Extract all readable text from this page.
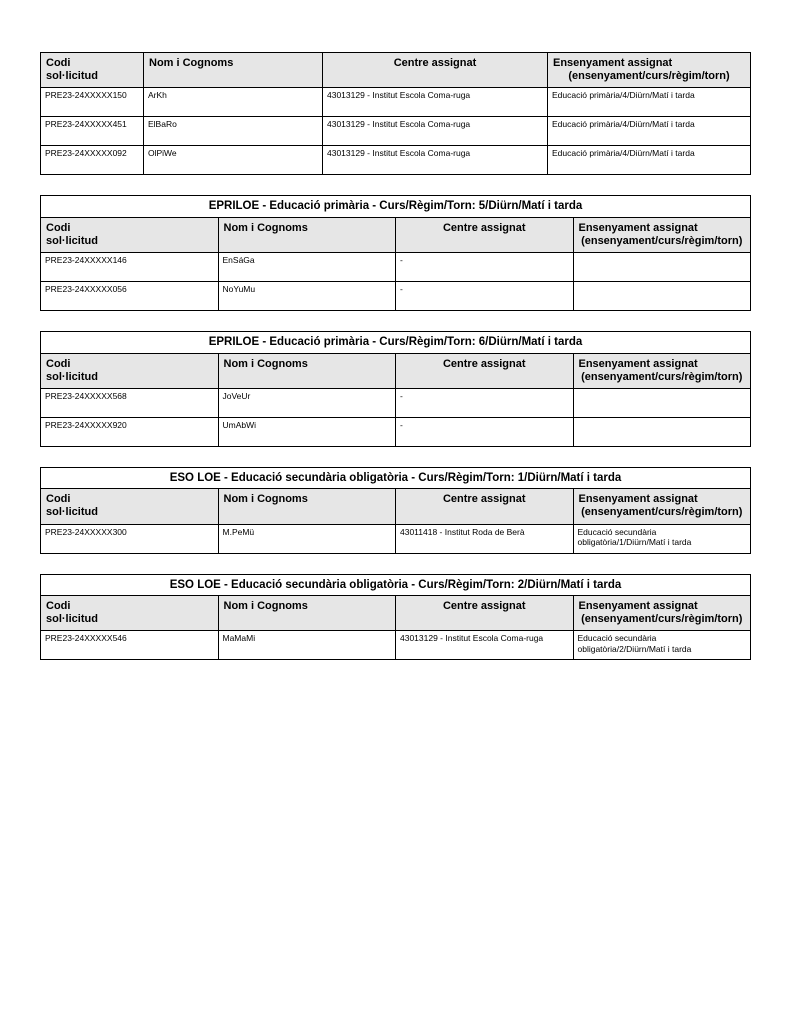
Codi
sol·licitud	Nom i Cognoms	Centre assignat	Ensenyament assignat
(ensenyament/curs/règim/torn)

PRE23-24XXXXX150	ArKh	43013129 - Institut Escola Coma-ruga	Educació primària/4/Diürn/Matí i tarda

PRE23-24XXXXX451	ElBaRo	43013129 - Institut Escola Coma-ruga	Educació primària/4/Diürn/Matí i tarda

PRE23-24XXXXX092	OlPiWe	43013129 - Institut Escola Coma-ruga	Educació primària/4/Diürn/Matí i tarda
EPRILOE - Educació primària - Curs/Règim/Torn: 5/Diürn/Matí i tarda			

Codi
sol·licitud	Nom i Cognoms	Centre assignat	Ensenyament assignat
(ensenyament/curs/règim/torn)

PRE23-24XXXXX146	EnSáGa	-	

PRE23-24XXXXX056	NoYuMu	-	
EPRILOE - Educació primària - Curs/Règim/Torn: 6/Diürn/Matí i tarda			

Codi
sol·licitud	Nom i Cognoms	Centre assignat	Ensenyament assignat
(ensenyament/curs/règim/torn)

PRE23-24XXXXX568	JoVeUr	-	

PRE23-24XXXXX920	UmAbWi	-	
ESO LOE - Educació secundària obligatòria - Curs/Règim/Torn: 1/Diürn/Matí i tarda			

Codi
sol·licitud	Nom i Cognoms	Centre assignat	Ensenyament assignat
(ensenyament/curs/règim/torn)

PRE23-24XXXXX300	M.PeMü	43011418 - Institut Roda de Berà	Educació secundària obligatòria/1/Diürn/Matí i tarda
ESO LOE - Educació secundària obligatòria - Curs/Règim/Torn: 2/Diürn/Matí i tarda			

Codi
sol·licitud	Nom i Cognoms	Centre assignat	Ensenyament assignat
(ensenyament/curs/règim/torn)

PRE23-24XXXXX546	MaMaMi	43013129 - Institut Escola Coma-ruga	Educació secundària obligatòria/2/Diürn/Matí i tarda
